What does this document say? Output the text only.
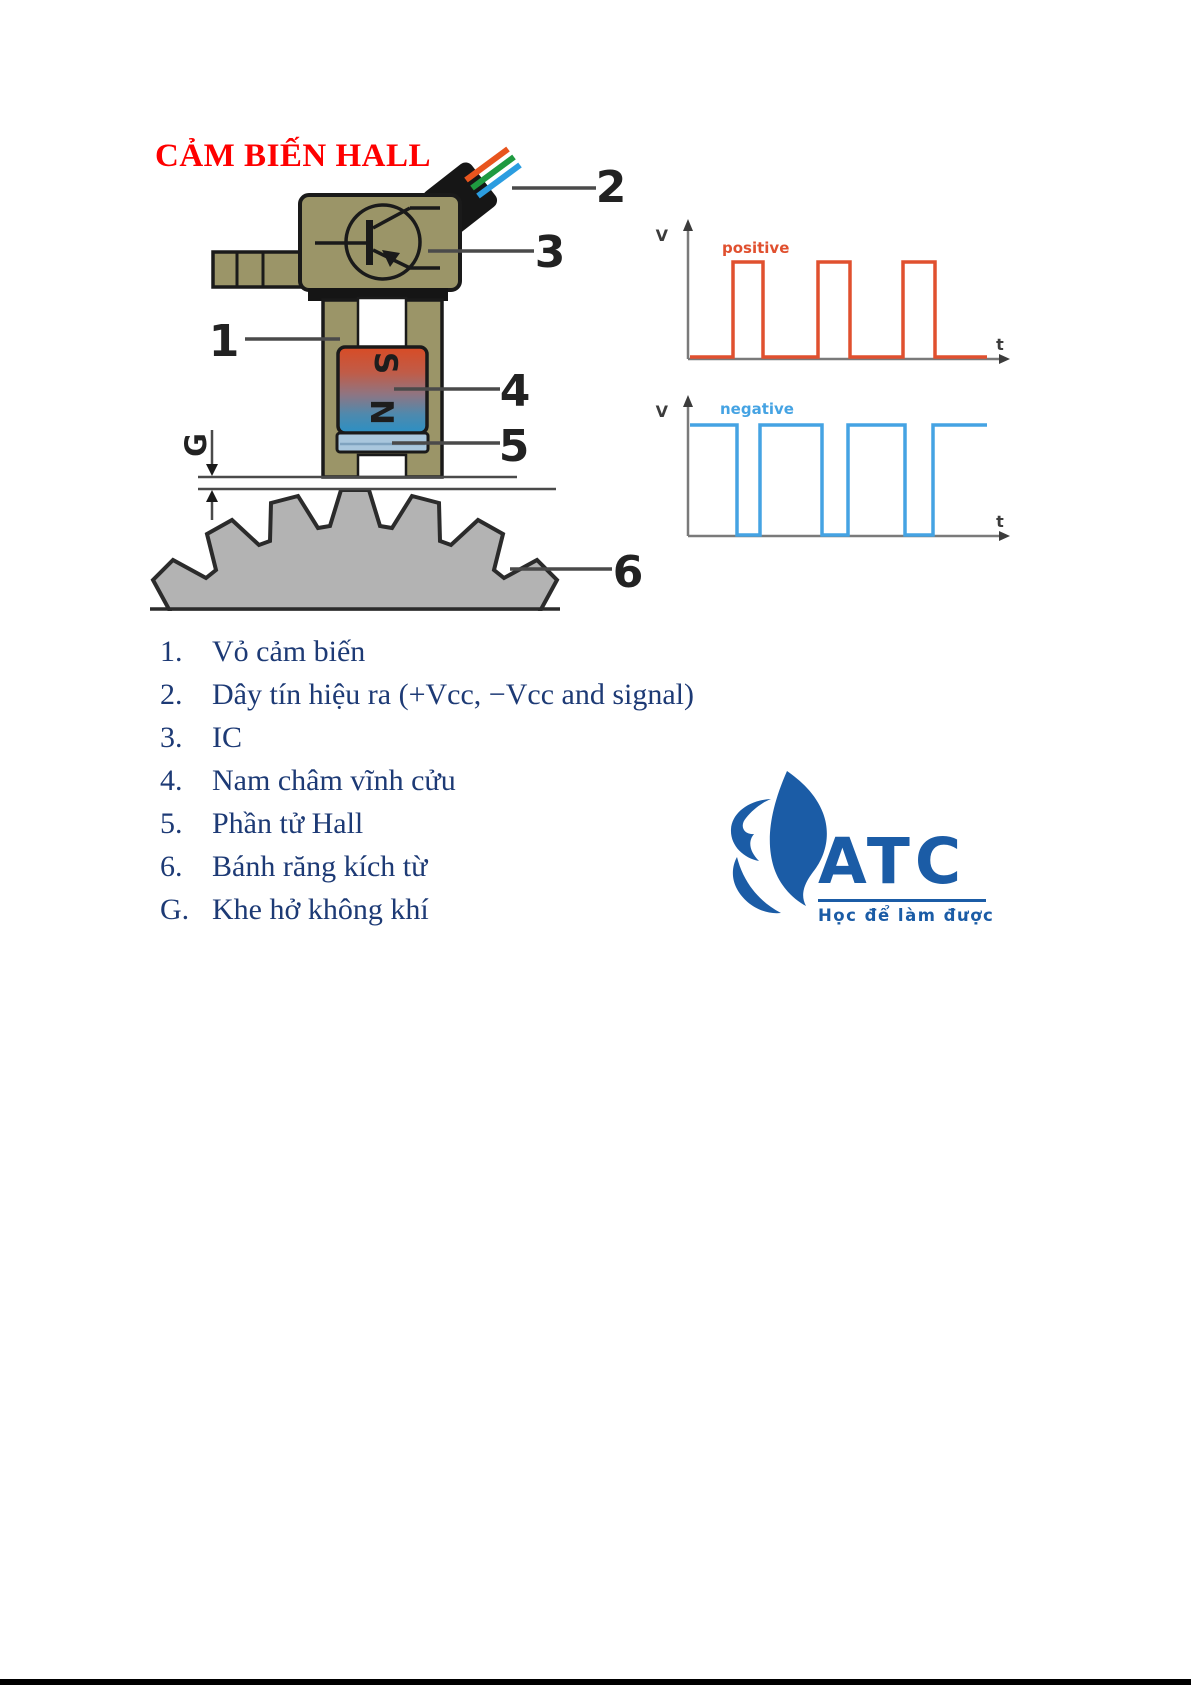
CẢM BIẾN HALL
S
N
G
1
2
3
4
5
6
V
t
positive
V
t
negative
1. Vỏ cảm biến
2. Dây tín hiệu ra (+Vcc, −Vcc and signal)
3. IC
4. Nam châm vĩnh cửu
5. Phần tử Hall
6. Bánh răng kích từ
G. Khe hở không khí
ATC
Học để làm được
